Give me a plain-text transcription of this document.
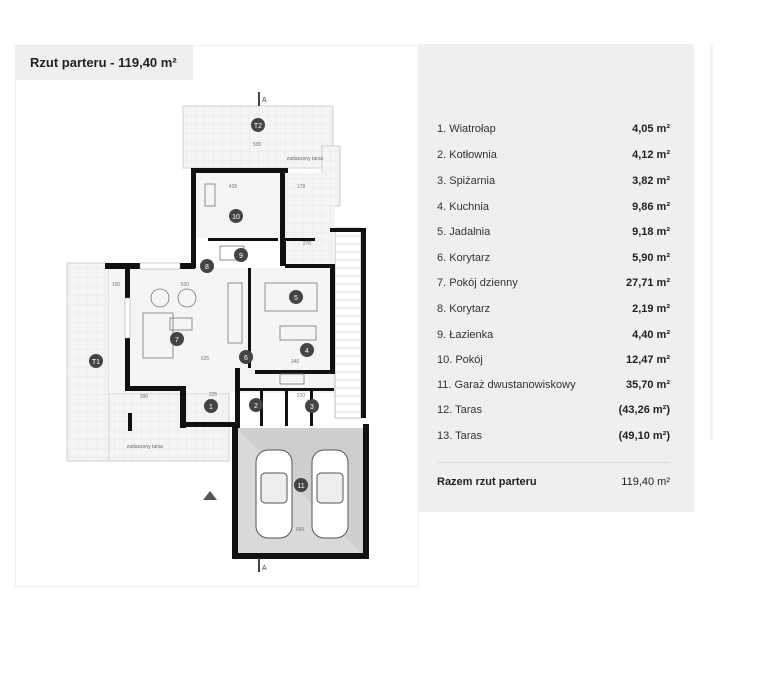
Rzut parteru - 119,40 m²
A
A
zadaszony taras
zadaszony taras
T2
T1
10
9
8
7
5
4
6
1	2	3
11
505
435	178
270
520
100
625	340
390	225	220
600
1. Wiatrołap	4,05 m²
2. Kotłownia	4,12 m²
3. Spiżarnia	3,82 m²
4. Kuchnia	9,86 m²
5. Jadalnia	9,18 m²
6. Korytarz	5,90 m²
7. Pokój dzienny	27,71 m²
8. Korytarz	2,19 m²
9. Łazienka	4,40 m²
10. Pokój	12,47 m²
11. Garaż dwustanowiskowy	35,70 m²
12. Taras	(43,26 m²)
13. Taras	(49,10 m²)
Razem rzut parteru	119,40 m²
